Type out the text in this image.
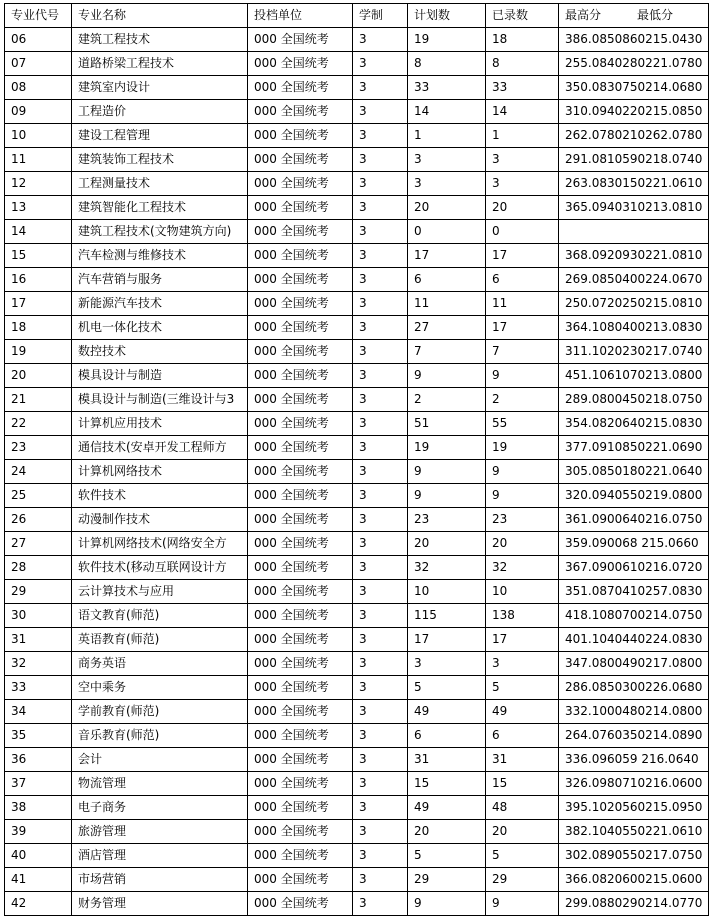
专业代号	专业名称	投档单位	学制	计划数	已录数	最高分 最低分
06	建筑工程技术	000 全国统考	3	19	18	386.0850860215.0430
07	道路桥梁工程技术	000 全国统考	3	8	8	255.0840280221.0780
08	建筑室内设计	000 全国统考	3	33	33	350.0830750214.0680
09	工程造价	000 全国统考	3	14	14	310.0940220215.0850
10	建设工程管理	000 全国统考	3	1	1	262.0780210262.0780
11	建筑装饰工程技术	000 全国统考	3	3	3	291.0810590218.0740
12	工程测量技术	000 全国统考	3	3	3	263.0830150221.0610
13	建筑智能化工程技术	000 全国统考	3	20	20	365.0940310213.0810
14	建筑工程技术(文物建筑方向)	000 全国统考	3	0	0	
15	汽车检测与维修技术	000 全国统考	3	17	17	368.0920930221.0810
16	汽车营销与服务	000 全国统考	3	6	6	269.0850400224.0670
17	新能源汽车技术	000 全国统考	3	11	11	250.0720250215.0810
18	机电一体化技术	000 全国统考	3	27	17	364.1080400213.0830
19	数控技术	000 全国统考	3	7	7	311.1020230217.0740
20	模具设计与制造	000 全国统考	3	9	9	451.1061070213.0800
21	模具设计与制造(三维设计与3	000 全国统考	3	2	2	289.0800450218.0750
22	计算机应用技术	000 全国统考	3	51	55	354.0820640215.0830
23	通信技术(安卓开发工程师方	000 全国统考	3	19	19	377.0910850221.0690
24	计算机网络技术	000 全国统考	3	9	9	305.0850180221.0640
25	软件技术	000 全国统考	3	9	9	320.0940550219.0800
26	动漫制作技术	000 全国统考	3	23	23	361.0900640216.0750
27	计算机网络技术(网络安全方	000 全国统考	3	20	20	359.090068 215.0660
28	软件技术(移动互联网设计方	000 全国统考	3	32	32	367.0900610216.0720
29	云计算技术与应用	000 全国统考	3	10	10	351.0870410257.0830
30	语文教育(师范)	000 全国统考	3	115	138	418.1080700214.0750
31	英语教育(师范)	000 全国统考	3	17	17	401.1040440224.0830
32	商务英语	000 全国统考	3	3	3	347.0800490217.0800
33	空中乘务	000 全国统考	3	5	5	286.0850300226.0680
34	学前教育(师范)	000 全国统考	3	49	49	332.1000480214.0800
35	音乐教育(师范)	000 全国统考	3	6	6	264.0760350214.0890
36	会计	000 全国统考	3	31	31	336.096059 216.0640
37	物流管理	000 全国统考	3	15	15	326.0980710216.0600
38	电子商务	000 全国统考	3	49	48	395.1020560215.0950
39	旅游管理	000 全国统考	3	20	20	382.1040550221.0610
40	酒店管理	000 全国统考	3	5	5	302.0890550217.0750
41	市场营销	000 全国统考	3	29	29	366.0820600215.0600
42	财务管理	000 全国统考	3	9	9	299.0880290214.0770
